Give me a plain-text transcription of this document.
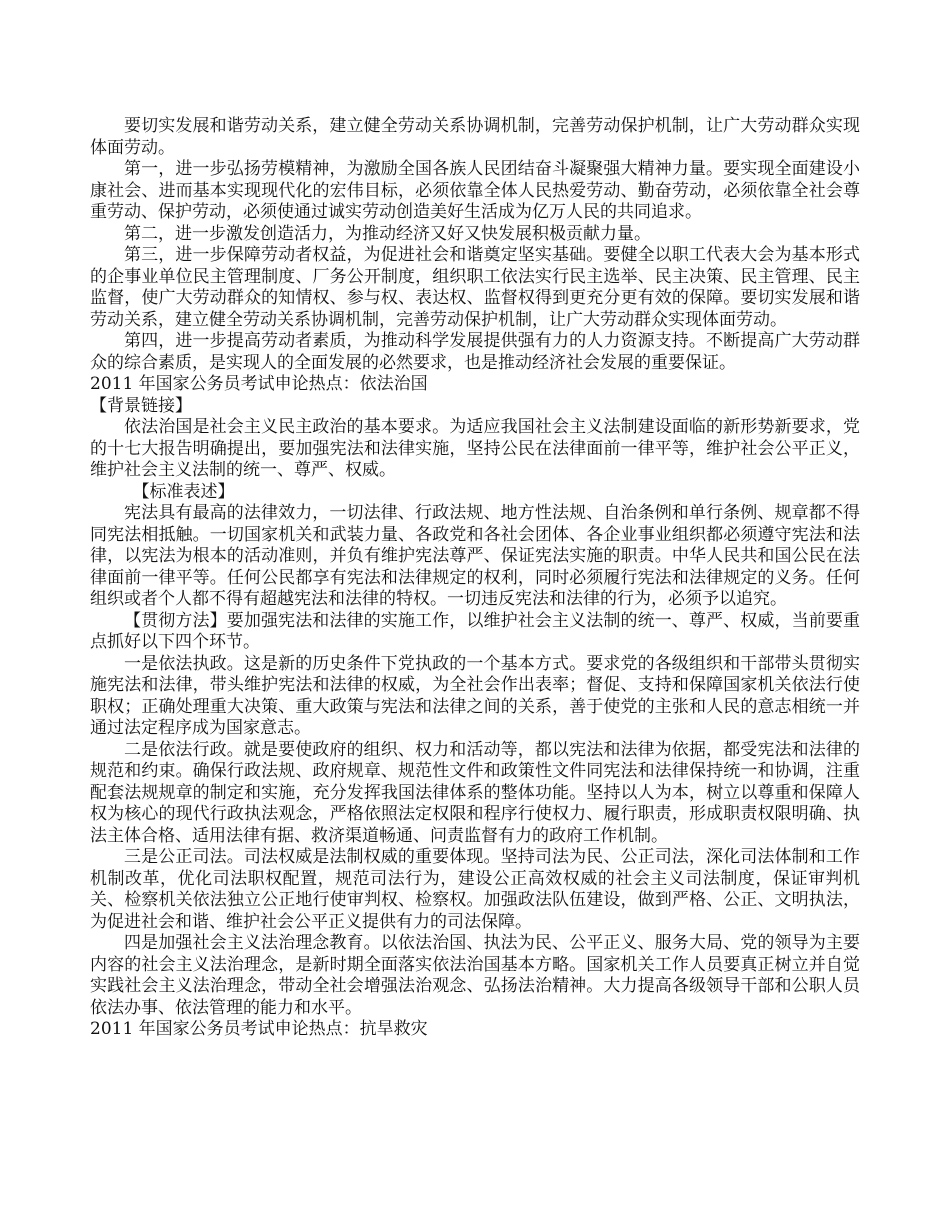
要切实发展和谐劳动关系，建立健全劳动关系协调机制，完善劳动保护机制，让广大劳动群众实现体面劳动。

第一，进一步弘扬劳模精神，为激励全国各族人民团结奋斗凝聚强大精神力量。要实现全面建设小康社会、进而基本实现现代化的宏伟目标，必须依靠全体人民热爱劳动、勤奋劳动，必须依靠全社会尊重劳动、保护劳动，必须使通过诚实劳动创造美好生活成为亿万人民的共同追求。

第二，进一步激发创造活力，为推动经济又好又快发展积极贡献力量。

第三，进一步保障劳动者权益，为促进社会和谐奠定坚实基础。要健全以职工代表大会为基本形式的企事业单位民主管理制度、厂务公开制度，组织职工依法实行民主选举、民主决策、民主管理、民主监督，使广大劳动群众的知情权、参与权、表达权、监督权得到更充分更有效的保障。要切实发展和谐劳动关系，建立健全劳动关系协调机制，完善劳动保护机制，让广大劳动群众实现体面劳动。

第四，进一步提高劳动者素质，为推动科学发展提供强有力的人力资源支持。不断提高广大劳动群众的综合素质，是实现人的全面发展的必然要求，也是推动经济社会发展的重要保证。

2011 年国家公务员考试申论热点：依法治国

【背景链接】

依法治国是社会主义民主政治的基本要求。为适应我国社会主义法制建设面临的新形势新要求，党的十七大报告明确提出，要加强宪法和法律实施，坚持公民在法律面前一律平等，维护社会公平正义，维护社会主义法制的统一、尊严、权威。

【标准表述】

宪法具有最高的法律效力，一切法律、行政法规、地方性法规、自治条例和单行条例、规章都不得同宪法相抵触。一切国家机关和武装力量、各政党和各社会团体、各企业事业组织都必须遵守宪法和法律，以宪法为根本的活动准则，并负有维护宪法尊严、保证宪法实施的职责。中华人民共和国公民在法律面前一律平等。任何公民都享有宪法和法律规定的权利，同时必须履行宪法和法律规定的义务。任何组织或者个人都不得有超越宪法和法律的特权。一切违反宪法和法律的行为，必须予以追究。

【贯彻方法】要加强宪法和法律的实施工作，以维护社会主义法制的统一、尊严、权威，当前要重点抓好以下四个环节。

一是依法执政。这是新的历史条件下党执政的一个基本方式。要求党的各级组织和干部带头贯彻实施宪法和法律，带头维护宪法和法律的权威，为全社会作出表率；督促、支持和保障国家机关依法行使职权；正确处理重大决策、重大政策与宪法和法律之间的关系，善于使党的主张和人民的意志相统一并通过法定程序成为国家意志。

二是依法行政。就是要使政府的组织、权力和活动等，都以宪法和法律为依据，都受宪法和法律的规范和约束。确保行政法规、政府规章、规范性文件和政策性文件同宪法和法律保持统一和协调，注重配套法规规章的制定和实施，充分发挥我国法律体系的整体功能。坚持以人为本，树立以尊重和保障人权为核心的现代行政执法观念，严格依照法定权限和程序行使权力、履行职责，形成职责权限明确、执法主体合格、适用法律有据、救济渠道畅通、问责监督有力的政府工作机制。

三是公正司法。司法权威是法制权威的重要体现。坚持司法为民、公正司法，深化司法体制和工作机制改革，优化司法职权配置，规范司法行为，建设公正高效权威的社会主义司法制度，保证审判机关、检察机关依法独立公正地行使审判权、检察权。加强政法队伍建设，做到严格、公正、文明执法，为促进社会和谐、维护社会公平正义提供有力的司法保障。

四是加强社会主义法治理念教育。以依法治国、执法为民、公平正义、服务大局、党的领导为主要内容的社会主义法治理念，是新时期全面落实依法治国基本方略。国家机关工作人员要真正树立并自觉实践社会主义法治理念，带动全社会增强法治观念、弘扬法治精神。大力提高各级领导干部和公职人员依法办事、依法管理的能力和水平。

2011 年国家公务员考试申论热点：抗旱救灾
